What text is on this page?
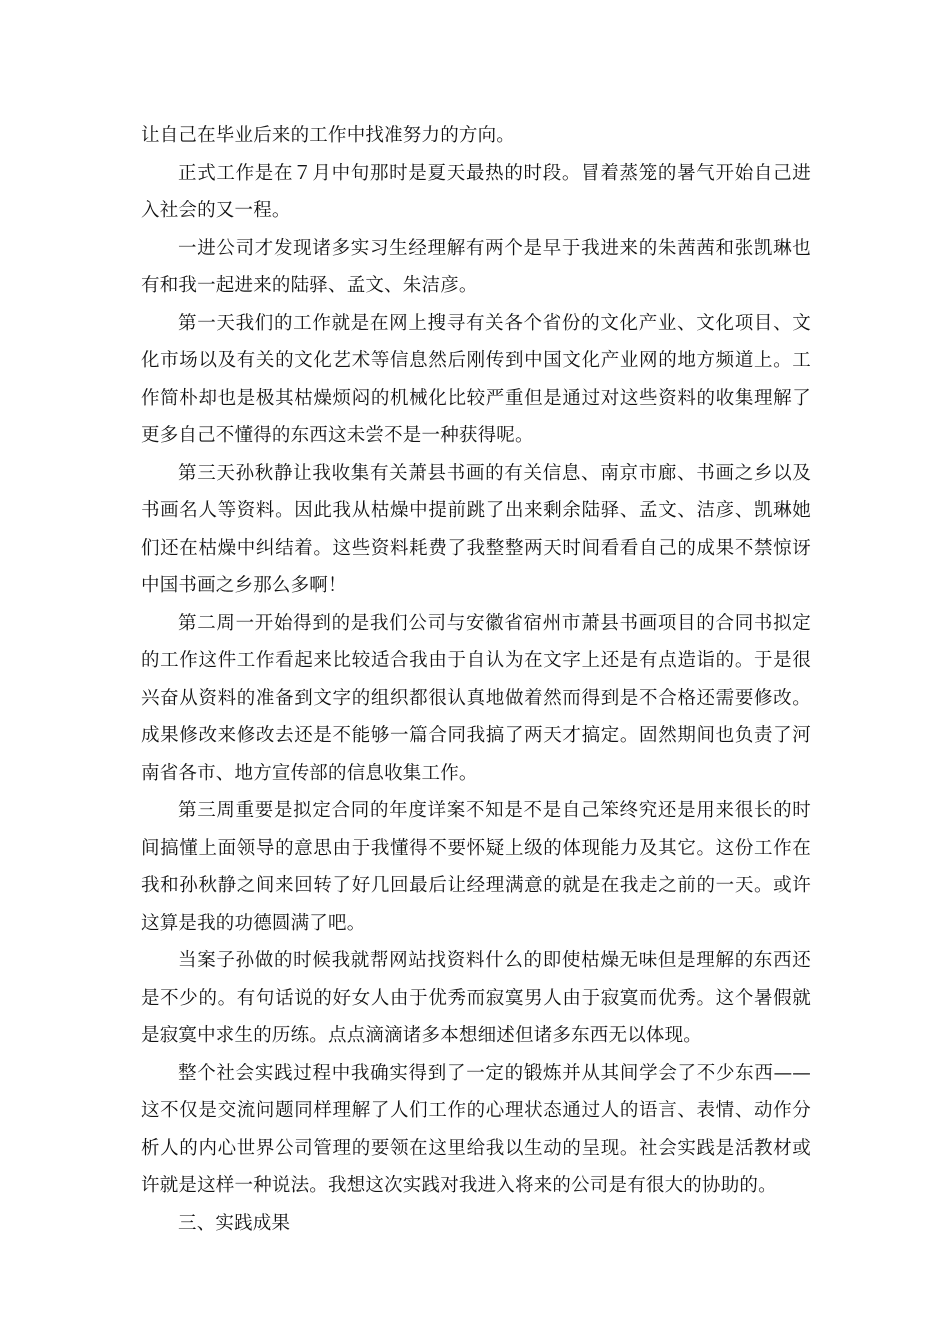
让自己在毕业后来的工作中找准努力的方向。

正式工作是在７月中旬那时是夏天最热的时段。冒着蒸笼的暑气开始自己进入社会的又一程。

一进公司才发现诸多实习生经理解有两个是早于我进来的朱茜茜和张凯琳也有和我一起进来的陆驿、孟文、朱洁彦。

第一天我们的工作就是在网上搜寻有关各个省份的文化产业、文化项目、文化市场以及有关的文化艺术等信息然后刚传到中国文化产业网的地方频道上。工作简朴却也是极其枯燥烦闷的机械化比较严重但是通过对这些资料的收集理解了更多自己不懂得的东西这未尝不是一种获得呢。

第三天孙秋静让我收集有关萧县书画的有关信息、南京市廊、书画之乡以及书画名人等资料。因此我从枯燥中提前跳了出来剩余陆驿、孟文、洁彦、凯琳她们还在枯燥中纠结着。这些资料耗费了我整整两天时间看看自己的成果不禁惊讶中国书画之乡那么多啊！

第二周一开始得到的是我们公司与安徽省宿州市萧县书画项目的合同书拟定的工作这件工作看起来比较适合我由于自认为在文字上还是有点造诣的。于是很兴奋从资料的准备到文字的组织都很认真地做着然而得到是不合格还需要修改。成果修改来修改去还是不能够一篇合同我搞了两天才搞定。固然期间也负责了河南省各市、地方宣传部的信息收集工作。

第三周重要是拟定合同的年度详案不知是不是自己笨终究还是用来很长的时间搞懂上面领导的意思由于我懂得不要怀疑上级的体现能力及其它。这份工作在我和孙秋静之间来回转了好几回最后让经理满意的就是在我走之前的一天。或许这算是我的功德圆满了吧。

当案子孙做的时候我就帮网站找资料什么的即使枯燥无味但是理解的东西还是不少的。有句话说的好女人由于优秀而寂寞男人由于寂寞而优秀。这个暑假就是寂寞中求生的历练。点点滴滴诸多本想细述但诸多东西无以体现。

整个社会实践过程中我确实得到了一定的锻炼并从其间学会了不少东西——这不仅是交流问题同样理解了人们工作的心理状态通过人的语言、表情、动作分析人的内心世界公司管理的要领在这里给我以生动的呈现。社会实践是活教材或许就是这样一种说法。我想这次实践对我进入将来的公司是有很大的协助的。

三、实践成果
